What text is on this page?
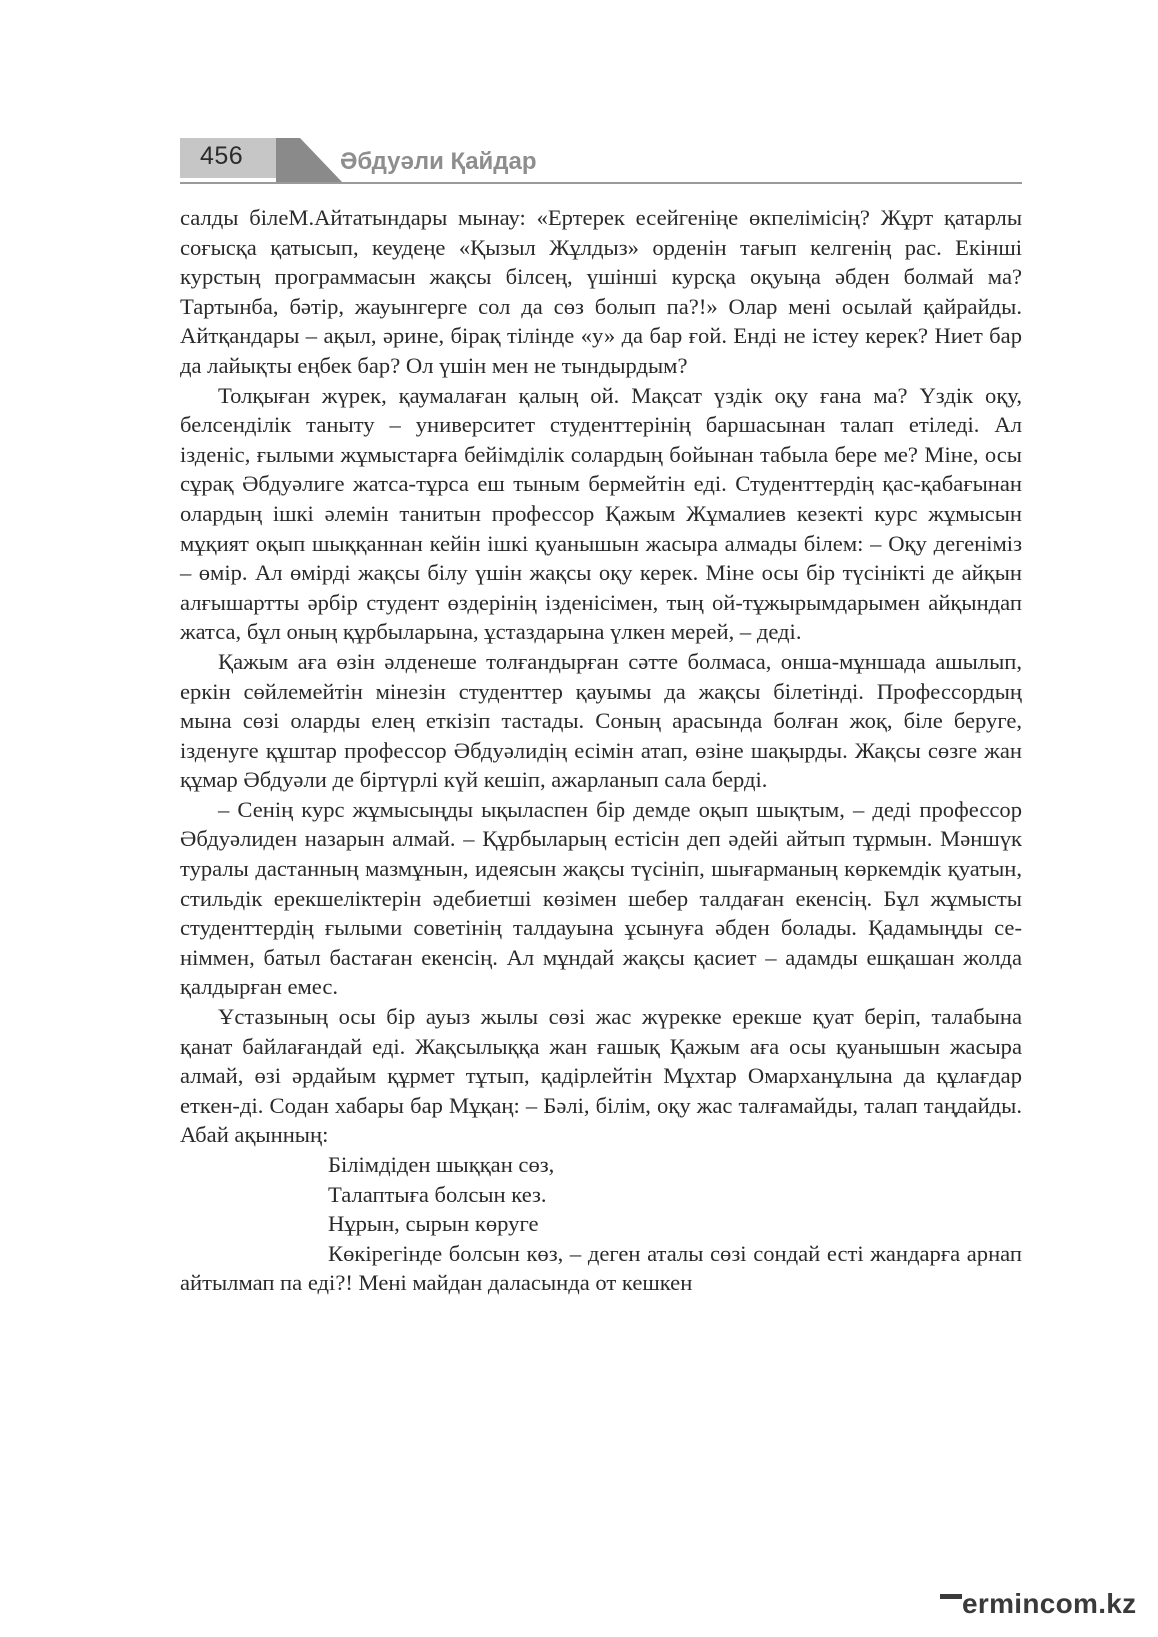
456	Әбдуәли Қайдар

салды білеМ.Айтатындары мынау: «Ертерек есейгеніңе өкпелімісің? Жұрт қатарлы соғысқа қатысып, кеудеңе «Қызыл Жұлдыз» орденін тағып келгенің рас. Екінші курстың программасын жақсы білсең, үшінші курсқа оқуыңа әбден болмай ма? Тартынба, бәтір, жауынгерге сол да сөз болып па?!» Олар мені осылай қайрайды. Айтқандары – ақыл, әрине, бірақ тілінде «у» да бар ғой. Енді не істеу керек? Ниет бар да лайықты еңбек бар? Ол үшін мен не тындырдым?

Толқыған жүрек, қаумалаған қалың ой. Мақсат үздік оқу ғана ма? Үздік оқу, белсенділік таныту – университет студенттерінің баршасынан талап етіледі. Ал ізденіс, ғылыми жұмыстарға бейімділік солардың бойынан табыла бере ме? Міне, осы сұрақ Әбдуәлиге жатса-тұрса еш тыным бермейтін еді. Студенттердің қас-қабағынан олардың ішкі әлемін танитын профессор Қажым Жұмалиев кезекті курс жұмысын мұқият оқып шыққаннан кейін ішкі қуанышын жасыра алмады білем: – Оқу дегеніміз – өмір. Ал өмірді жақсы білу үшін жақсы оқу керек. Міне осы бір түсінікті де айқын алғышартты әрбір студент өздерінің ізденісімен, тың ой-тұжырымдарымен айқындап жатса, бұл оның құрбыларына, ұстаздарына үлкен мерей, – деді.

Қажым аға өзін әлденеше толғандырған сәтте болмаса, онша-мұншада ашылып, еркін сөйлемейтін мінезін студенттер қауымы да жақсы білетінді. Профессордың мына сөзі оларды елең еткізіп тастады. Соның арасында болған жоқ, біле беруге, ізденуге құштар профессор Әбдуәлидің есімін атап, өзіне шақырды. Жақсы сөзге жан құмар Әбдуәли де біртүрлі күй кешіп, ажарланып сала берді.

– Сенің курс жұмысыңды ықыласпен бір демде оқып шықтым, – деді профессор Әбдуәлиден назарын алмай. – Құрбыларың естісін деп әдейі айтып тұрмын. Мәншүк туралы дастанның мазмұнын, идеясын жақсы түсініп, шығарманың көркемдік қуатын, стильдік ерекшеліктерін әдебиетші көзімен шебер талдаған екенсің. Бұл жұмысты студенттердің ғылыми советінің талдауына ұсынуға әбден болады. Қадамыңды сеніммен, батыл бастаған екенсің. Ал мұндай жақсы қасиет – адамды ешқашан жолда қалдырған емес.

Ұстазының осы бір ауыз жылы сөзі жас жүрекке ерекше қуат беріп, талабына қанат байлағандай еді. Жақсылыққа жан ғашық Қажым аға осы қуанышын жасыра алмай, өзі әрдайым құрмет тұтып, қадірлейтін Мұхтар Омарханұлына да құлағдар еткен-ді. Содан хабары бар Мұқаң: – Бәлі, білім, оқу жас талғамайды, талап таңдайды. Абай ақынның:

Білімдіден шыққан сөз,

Талаптыға болсын кез.

Нұрын, сырын көруге

Көкірегінде болсын көз, – деген аталы сөзі сондай есті жандарға арнап айтылмап па еді?! Мені майдан даласында от кешкен

ermincom.kz
